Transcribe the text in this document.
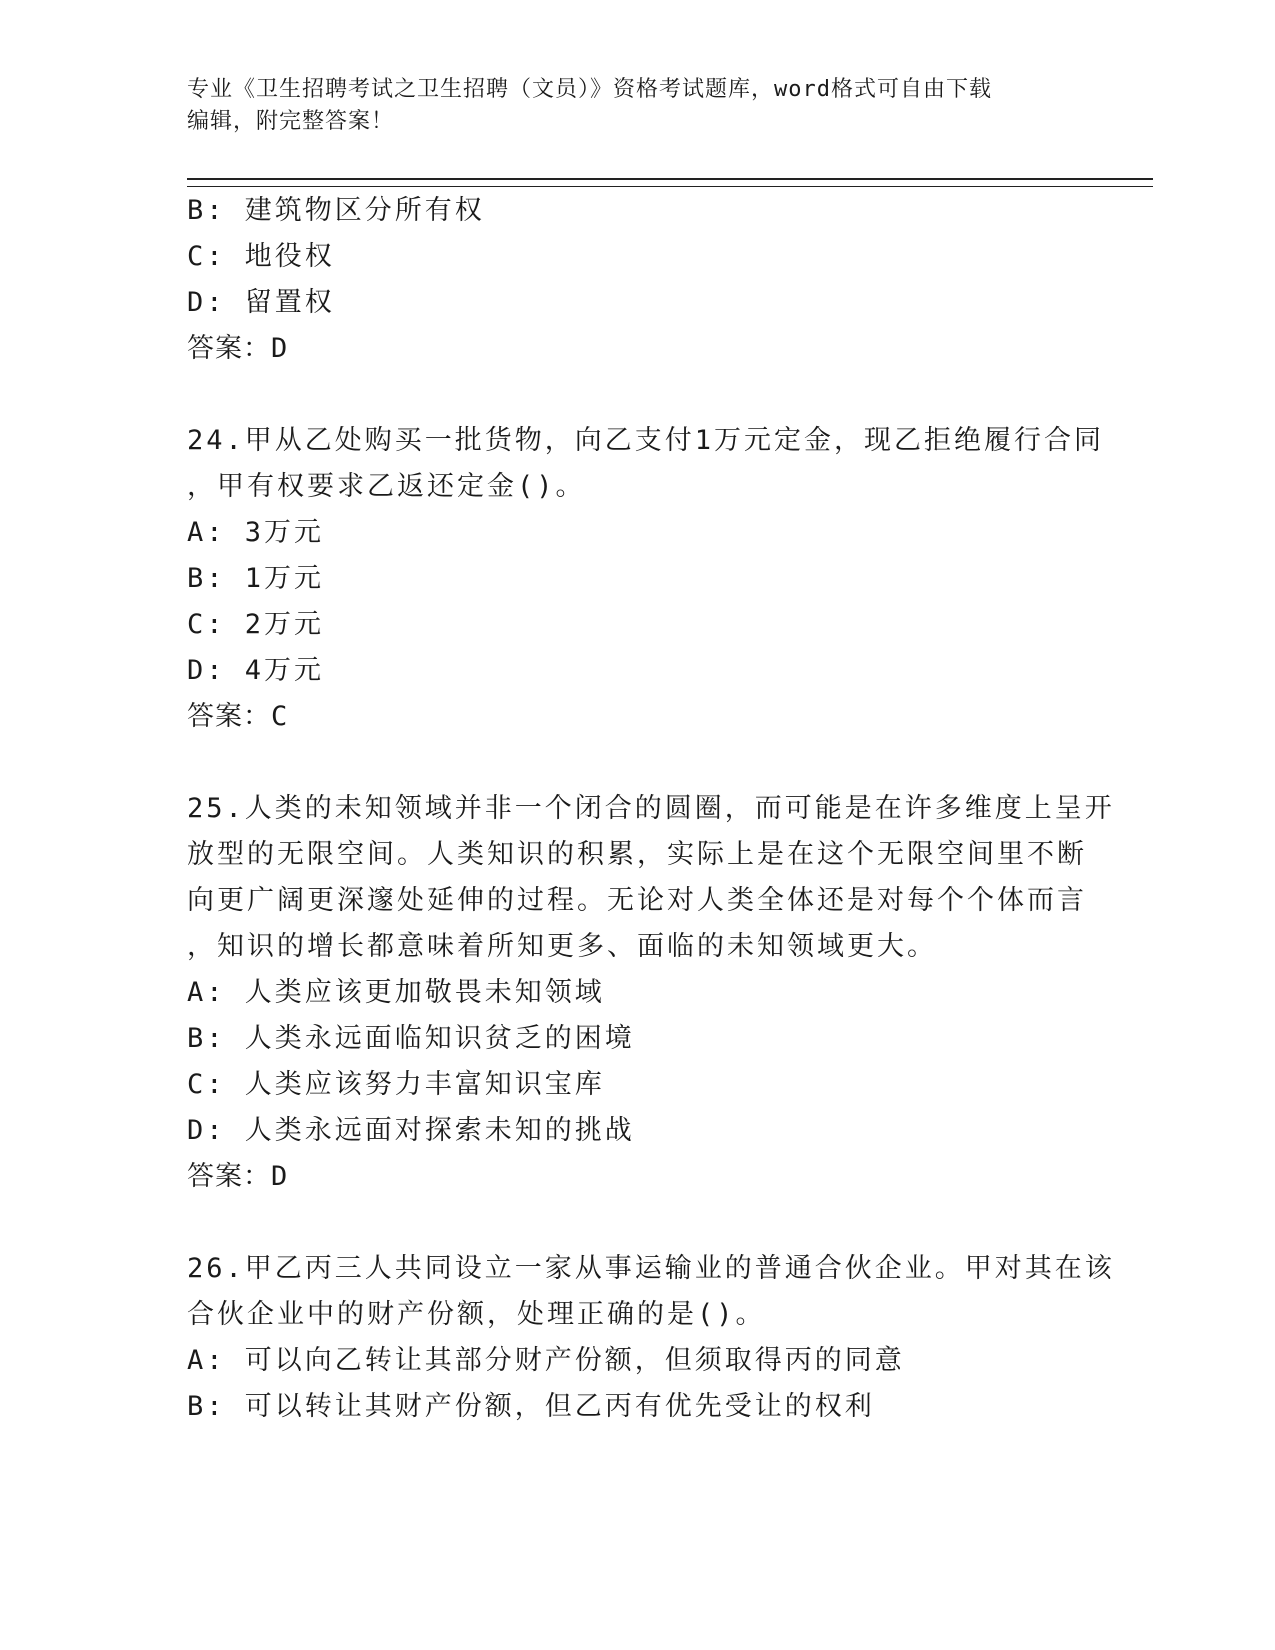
专业《卫生招聘考试之卫生招聘（文员）》资格考试题库，word格式可自由下载
编辑，附完整答案！
B: 建筑物区分所有权
C: 地役权
D: 留置权
答案：D
24.甲从乙处购买一批货物，向乙支付1万元定金，现乙拒绝履行合同
，甲有权要求乙返还定金()。
A: 3万元
B: 1万元
C: 2万元
D: 4万元
答案：C
25.人类的未知领域并非一个闭合的圆圈，而可能是在许多维度上呈开
放型的无限空间。人类知识的积累，实际上是在这个无限空间里不断
向更广阔更深邃处延伸的过程。无论对人类全体还是对每个个体而言
，知识的增长都意味着所知更多、面临的未知领域更大。
A: 人类应该更加敬畏未知领域
B: 人类永远面临知识贫乏的困境
C: 人类应该努力丰富知识宝库
D: 人类永远面对探索未知的挑战
答案：D
26.甲乙丙三人共同设立一家从事运输业的普通合伙企业。甲对其在该
合伙企业中的财产份额，处理正确的是()。
A: 可以向乙转让其部分财产份额，但须取得丙的同意
B: 可以转让其财产份额，但乙丙有优先受让的权利
